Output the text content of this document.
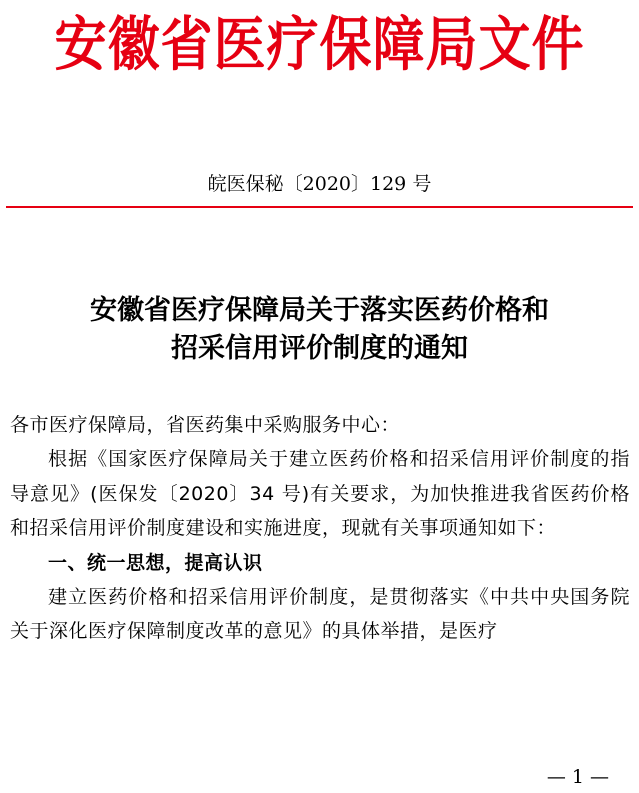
安徽省医疗保障局文件
皖医保秘〔2020〕129 号
安徽省医疗保障局关于落实医药价格和
招采信用评价制度的通知

各市医疗保障局，省医药集中采购服务中心：

根据《国家医疗保障局关于建立医药价格和招采信用评价制度的指导意见》(医保发〔2020〕34 号)有关要求，为加快推进我省医药价格和招采信用评价制度建设和实施进度，现就有关事项通知如下：

一、统一思想，提高认识

建立医药价格和招采信用评价制度，是贯彻落实《中共中央国务院关于深化医疗保障制度改革的意见》的具体举措，是医疗

— 1 —
